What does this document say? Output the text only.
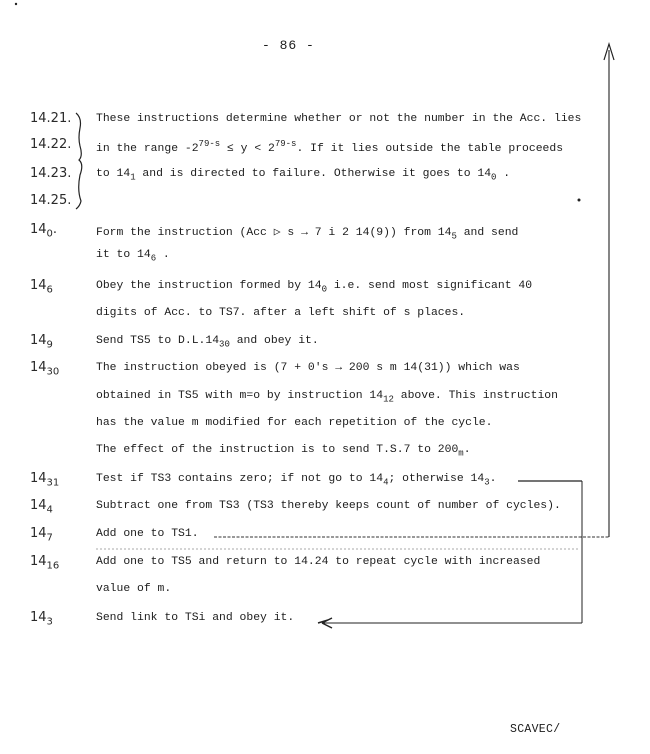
- 86 -
14.21. These instructions determine whether or not the number in the Acc. lies
14.22. in the range $-2^{79-s} \le y < 2^{79-s}$. If it lies outside the table proceeds
14.23. to $14_1$ and is directed to failure. Otherwise it goes to $14_0$ .
14.25.
$14_0$.	Form the instruction (Acc ▷ s → 7 i 2 14(9)) from $14_5$ and send
it to $14_6$ .
$14_6$	Obey the instruction formed by $14_0$ i.e. send most significant 40
digits of Acc. to TS7. after a left shift of s places.
$14_9$	Send TS5 to $D.L.14_{30}$ and obey it.
$14_{30}$	The instruction obeyed is (7 + 0's → 200 s m 14(31)) which was
obtained in TS5 with m=o by instruction $14_{12}$ above. This instruction
has the value m modified for each repetition of the cycle.
The effect of the instruction is to send T.S.7 to $200_m$.
$14_{31}$	Test if TS3 contains zero; if not go to $14_4$; otherwise $14_3$.
$14_4$	Subtract one from TS3 (TS3 thereby keeps count of number of cycles).
$14_7$	Add one to TS1.
$14_{16}$	Add one to TS5 and return to 14.24 to repeat cycle with increased
value of m.
$14_3$	Send link to TSi and obey it.
SCAVEC/
